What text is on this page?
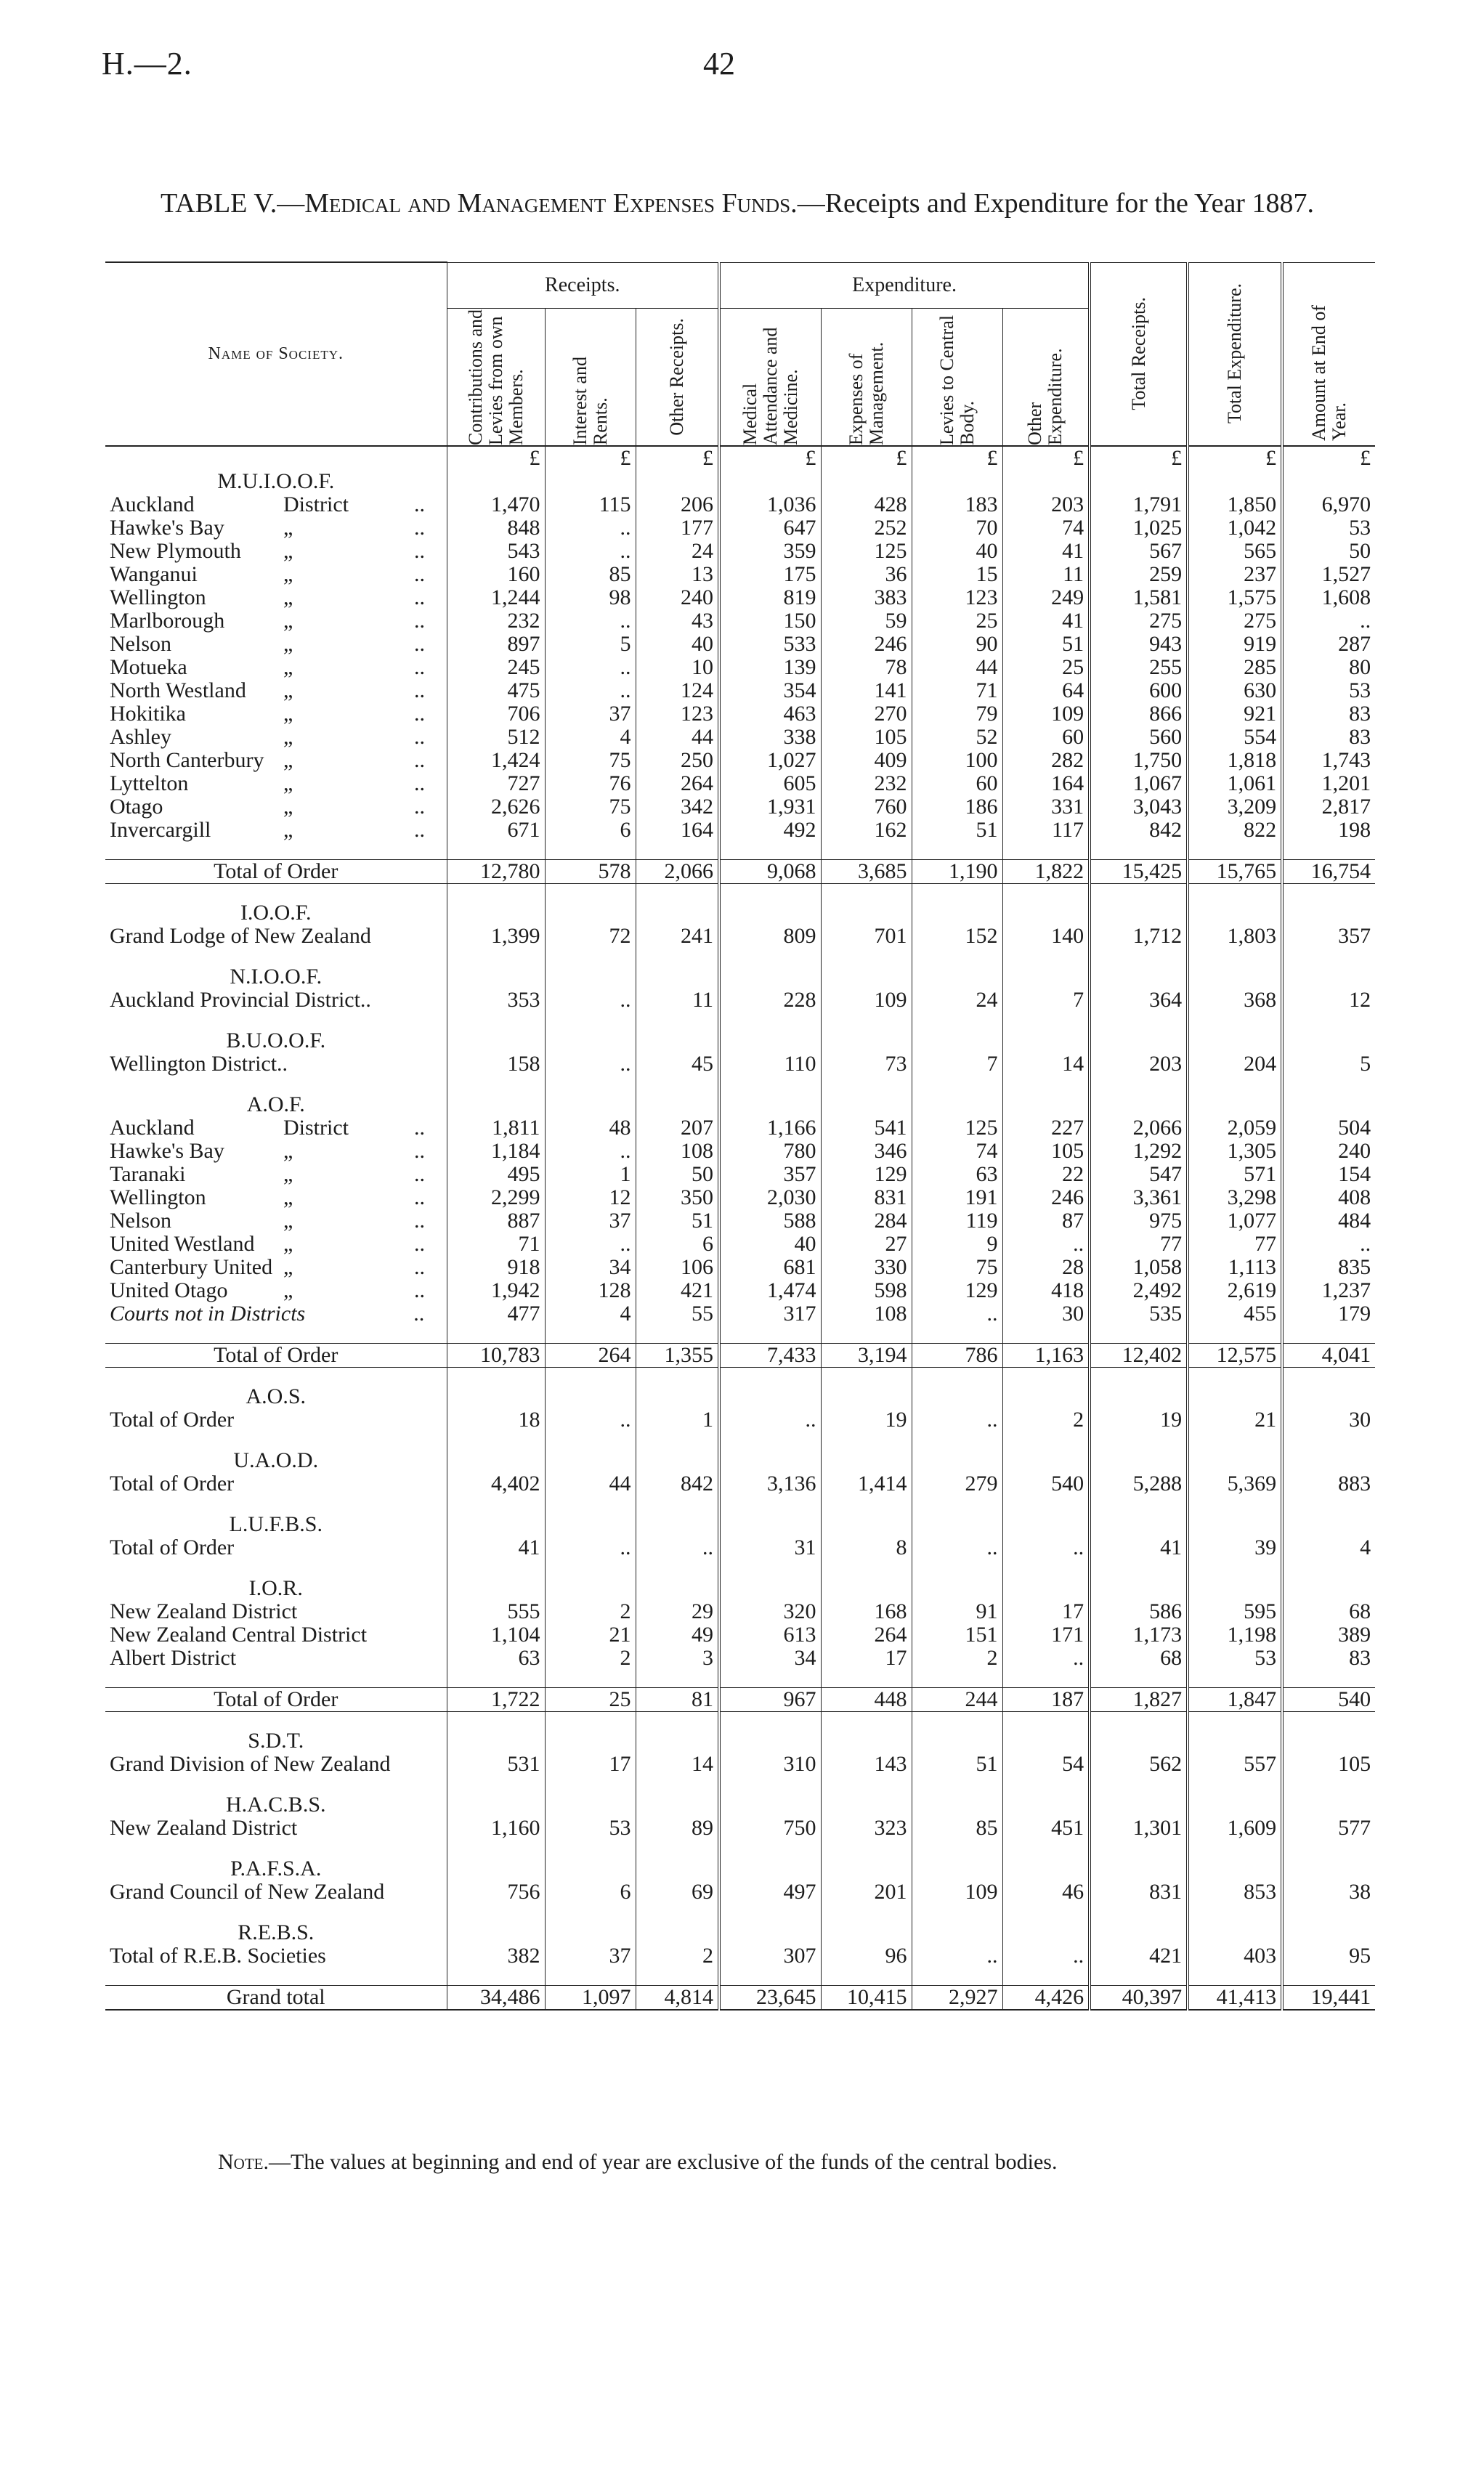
H.—2.	42
TABLE V.—Medical and Management Expenses Funds.—Receipts and Expenditure for the Year 1887.
Name of Society.	Receipts.			Expenditure.				Total Receipts.	Total Expenditure.	Amount at End of Year.

	Contributions and Levies from own Members.	Interest and Rents.	Other Receipts.	Medical Attendance and Medicine.	Expenses of Management.	Levies to Central Body.	Other Expenditure.			

	£	£	£	£	£	£	£	£	£	£
M.U.I.O.O.F.										
Auckland District ..	1,470	115	206	1,036	428	183	203	1,791	1,850	6,970
Hawke's Bay „ ..	848	..	177	647	252	70	74	1,025	1,042	53
New Plymouth „ ..	543	..	24	359	125	40	41	567	565	50
Wanganui „ ..	160	85	13	175	36	15	11	259	237	1,527
Wellington „ ..	1,244	98	240	819	383	123	249	1,581	1,575	1,608
Marlborough „ ..	232	..	43	150	59	25	41	275	275	..
Nelson „ ..	897	5	40	533	246	90	51	943	919	287
Motueka „ ..	245	..	10	139	78	44	25	255	285	80
North Westland „ ..	475	..	124	354	141	71	64	600	630	53
Hokitika „ ..	706	37	123	463	270	79	109	866	921	83
Ashley „ ..	512	4	44	338	105	52	60	560	554	83
North Canterbury „ ..	1,424	75	250	1,027	409	100	282	1,750	1,818	1,743
Lyttelton „ ..	727	76	264	605	232	60	164	1,067	1,061	1,201
Otago „ ..	2,626	75	342	1,931	760	186	331	3,043	3,209	2,817
Invercargill „ ..	671	6	164	492	162	51	117	842	822	198

Total of Order	12,780	578	2,066	9,068	3,685	1,190	1,822	15,425	15,765	16,754

I.O.O.F.										
Grand Lodge of New Zealand	1,399	72	241	809	701	152	140	1,712	1,803	357

N.I.O.O.F.										
Auckland Provincial District..	353	..	11	228	109	24	7	364	368	12

B.U.O.O.F.										
Wellington District..	158	..	45	110	73	7	14	203	204	5

A.O.F.										
Auckland District ..	1,811	48	207	1,166	541	125	227	2,066	2,059	504
Hawke's Bay „ ..	1,184	..	108	780	346	74	105	1,292	1,305	240
Taranaki „ ..	495	1	50	357	129	63	22	547	571	154
Wellington „ ..	2,299	12	350	2,030	831	191	246	3,361	3,298	408
Nelson „ ..	887	37	51	588	284	119	87	975	1,077	484
United Westland „ ..	71	..	6	40	27	9	..	77	77	..
Canterbury United „ ..	918	34	106	681	330	75	28	1,058	1,113	835
United Otago „ ..	1,942	128	421	1,474	598	129	418	2,492	2,619	1,237
Courts not in Districts ..	477	4	55	317	108	..	30	535	455	179

Total of Order	10,783	264	1,355	7,433	3,194	786	1,163	12,402	12,575	4,041

A.O.S.										
Total of Order	18	..	1	..	19	..	2	19	21	30

U.A.O.D.										
Total of Order	4,402	44	842	3,136	1,414	279	540	5,288	5,369	883

L.U.F.B.S.										
Total of Order	41	..	..	31	8	..	..	41	39	4

I.O.R.										
New Zealand District	555	2	29	320	168	91	17	586	595	68
New Zealand Central District	1,104	21	49	613	264	151	171	1,173	1,198	389
Albert District	63	2	3	34	17	2	..	68	53	83

Total of Order	1,722	25	81	967	448	244	187	1,827	1,847	540

S.D.T.										
Grand Division of New Zealand	531	17	14	310	143	51	54	562	557	105

H.A.C.B.S.										
New Zealand District	1,160	53	89	750	323	85	451	1,301	1,609	577

P.A.F.S.A.										
Grand Council of New Zealand	756	6	69	497	201	109	46	831	853	38

R.E.B.S.										
Total of R.E.B. Societies	382	37	2	307	96	..	..	421	403	95

Grand total	34,486	1,097	4,814	23,645	10,415	2,927	4,426	40,397	41,413	19,441
Note.—The values at beginning and end of year are exclusive of the funds of the central bodies.
